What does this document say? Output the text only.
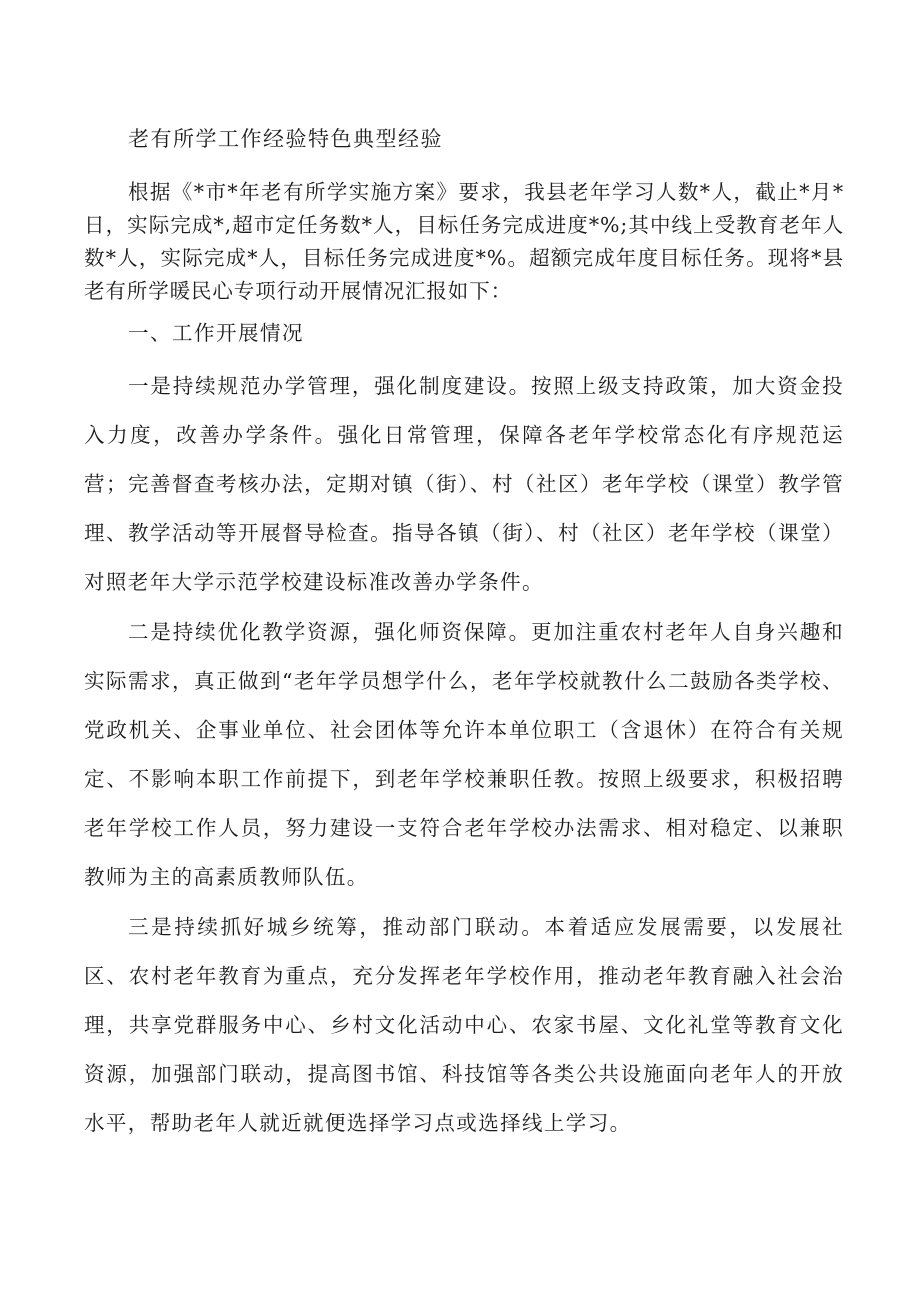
老有所学工作经验特色典型经验

根据《*市*年老有所学实施方案》要求，我县老年学习人数*人，截止*月*日，实际完成*,超市定任务数*人，目标任务完成进度*%;其中线上受教育老年人数*人，实际完成*人，目标任务完成进度*%。超额完成年度目标任务。现将*县老有所学暖民心专项行动开展情况汇报如下：

一、工作开展情况

一是持续规范办学管理，强化制度建设。按照上级支持政策，加大资金投入力度，改善办学条件。强化日常管理，保障各老年学校常态化有序规范运营；完善督查考核办法，定期对镇（街）、村（社区）老年学校（课堂）教学管理、教学活动等开展督导检查。指导各镇（街）、村（社区）老年学校（课堂）对照老年大学示范学校建设标准改善办学条件。

二是持续优化教学资源，强化师资保障。更加注重农村老年人自身兴趣和实际需求，真正做到“老年学员想学什么，老年学校就教什么二鼓励各类学校、党政机关、企事业单位、社会团体等允许本单位职工（含退休）在符合有关规定、不影响本职工作前提下，到老年学校兼职任教。按照上级要求，积极招聘老年学校工作人员，努力建设一支符合老年学校办法需求、相对稳定、以兼职教师为主的高素质教师队伍。

三是持续抓好城乡统筹，推动部门联动。本着适应发展需要，以发展社区、农村老年教育为重点，充分发挥老年学校作用，推动老年教育融入社会治理，共享党群服务中心、乡村文化活动中心、农家书屋、文化礼堂等教育文化资源，加强部门联动，提高图书馆、科技馆等各类公共设施面向老年人的开放水平，帮助老年人就近就便选择学习点或选择线上学习。
